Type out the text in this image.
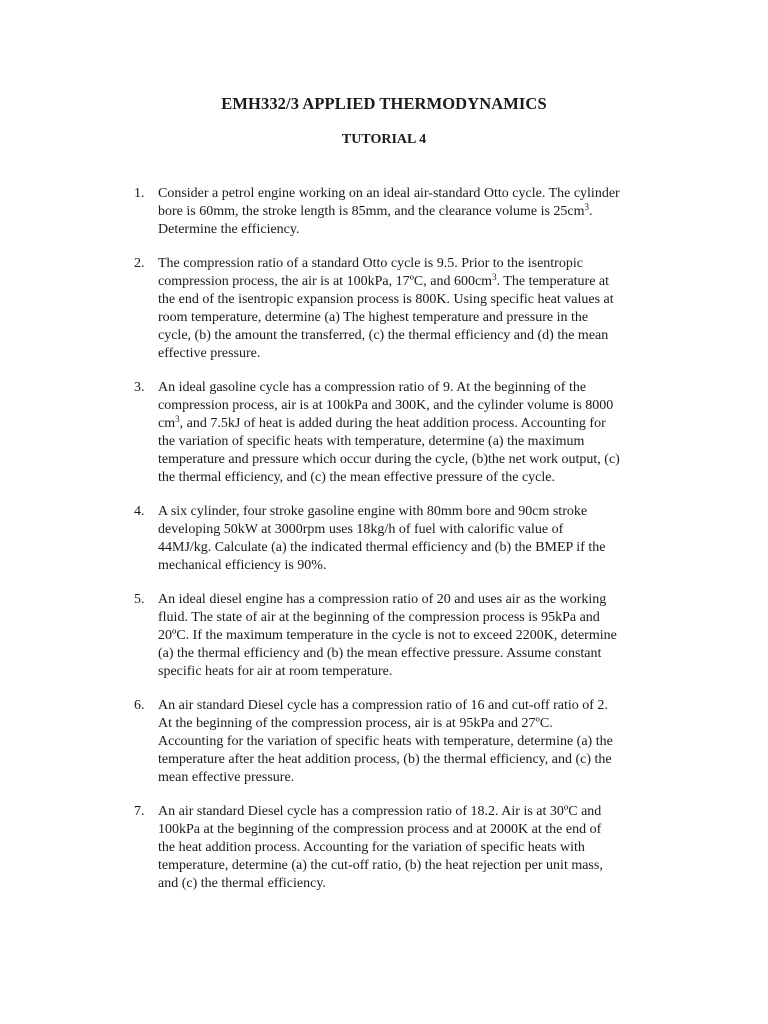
EMH332/3 APPLIED THERMODYNAMICS
TUTORIAL 4
1. Consider a petrol engine working on an ideal air-standard Otto cycle. The cylinder
bore is 60mm, the stroke length is 85mm, and the clearance volume is $25cm^3$.
Determine the efficiency.
2. The compression ratio of a standard Otto cycle is 9.5. Prior to the isentropic
compression process, the air is at 100kPa, 17ºC, and $600cm^3$. The temperature at
the end of the isentropic expansion process is 800K. Using specific heat values at
room temperature, determine (a) The highest temperature and pressure in the
cycle, (b) the amount the transferred, (c) the thermal efficiency and (d) the mean
effective pressure.
3. An ideal gasoline cycle has a compression ratio of 9. At the beginning of the
compression process, air is at 100kPa and 300K, and the cylinder volume is 8000
$cm^3$, and 7.5kJ of heat is added during the heat addition process. Accounting for
the variation of specific heats with temperature, determine (a) the maximum
temperature and pressure which occur during the cycle, (b)the net work output, (c)
the thermal efficiency, and (c) the mean effective pressure of the cycle.
4. A six cylinder, four stroke gasoline engine with 80mm bore and 90cm stroke
developing 50kW at 3000rpm uses 18kg/h of fuel with calorific value of
44MJ/kg. Calculate (a) the indicated thermal efficiency and (b) the BMEP if the
mechanical efficiency is 90%.
5. An ideal diesel engine has a compression ratio of 20 and uses air as the working
fluid. The state of air at the beginning of the compression process is 95kPa and
20ºC. If the maximum temperature in the cycle is not to exceed 2200K, determine
(a) the thermal efficiency and (b) the mean effective pressure. Assume constant
specific heats for air at room temperature.
6. An air standard Diesel cycle has a compression ratio of 16 and cut-off ratio of 2.
At the beginning of the compression process, air is at 95kPa and 27ºC.
Accounting for the variation of specific heats with temperature, determine (a) the
temperature after the heat addition process, (b) the thermal efficiency, and (c) the
mean effective pressure.
7. An air standard Diesel cycle has a compression ratio of 18.2. Air is at 30ºC and
100kPa at the beginning of the compression process and at 2000K at the end of
the heat addition process. Accounting for the variation of specific heats with
temperature, determine (a) the cut-off ratio, (b) the heat rejection per unit mass,
and (c) the thermal efficiency.
